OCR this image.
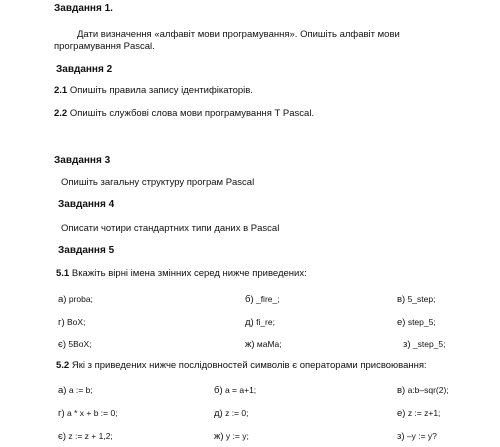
Завдання 1.
Дати визначення «алфавіт мови програмування». Опишіть алфавіт мови
програмування Pascal.
Завдання 2
2.1 Опишіть правила запису ідентифікаторів.
2.2 Опишіть службові слова мови програмування Т Pascal.
Завдання 3
Опишіть загальну структуру програм Pascal
Завдання 4
Описати чотири стандартних типи даних в Pascal
Завдання 5
5.1 Вкажіть вірні імена змінних серед нижче приведених:
а) proba;	б) _fire_;	в) 5_step;
г) BoX;	д) fi_re;	е) step_5;
є) 5BoX;	ж) мaMa;	з) _step_5;
5.2 Які з приведених нижче послідовностей символів є операторами присвоювання:
а) a := b;	б) a = a+1;	в) a:b–sqr(2);
г) a * x + b := 0;	д) z := 0;	е) z := z+1;
є) z := z + 1,2;	ж) y := y;	з) –y := y?
